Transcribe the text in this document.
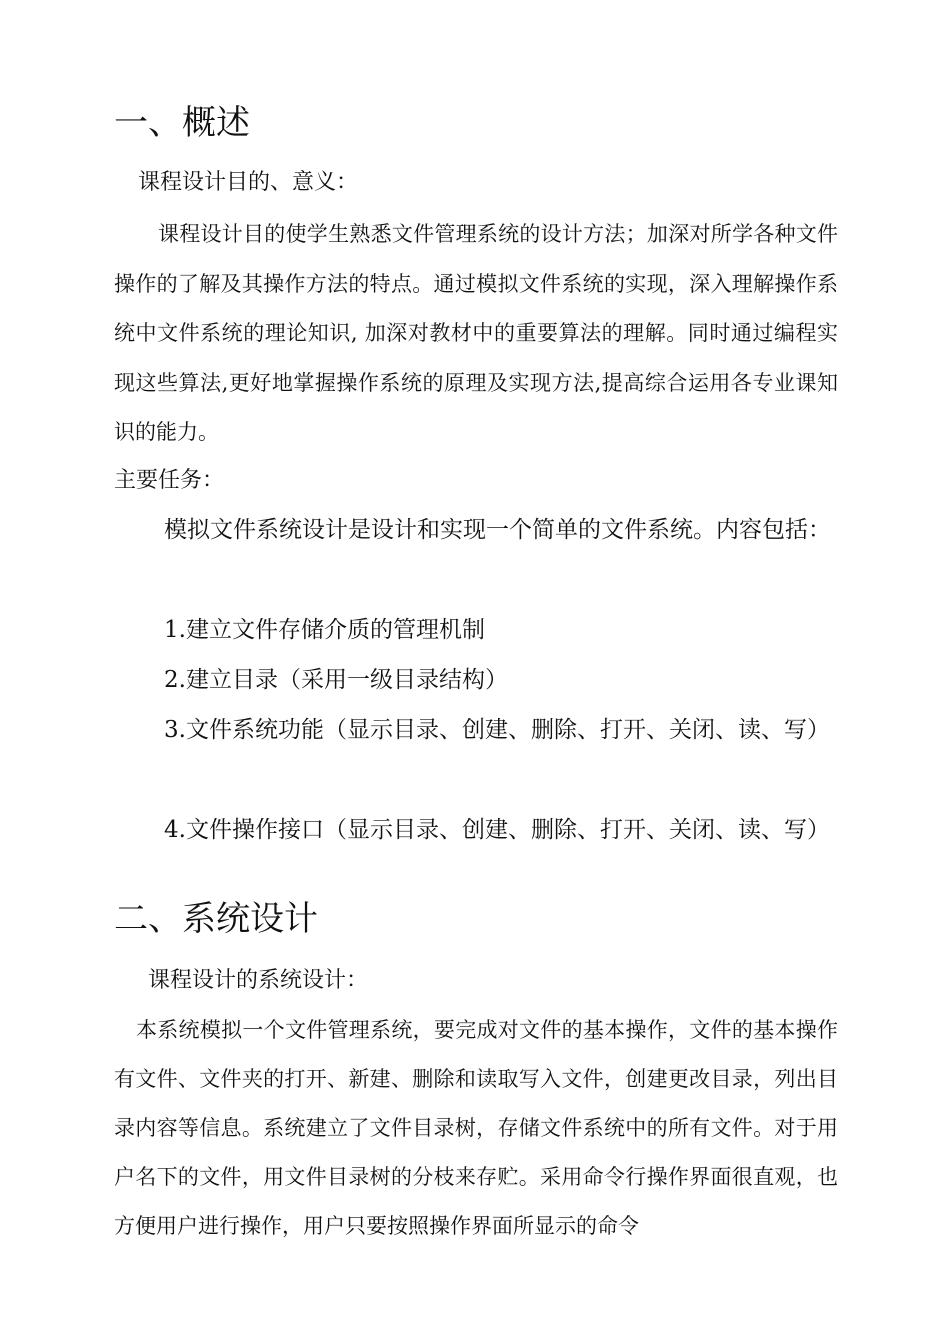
一、概述
课程设计目的、意义：

课程设计目的使学生熟悉文件管理系统的设计方法；加深对所学各种文件操作的了解及其操作方法的特点。通过模拟文件系统的实现，深入理解操作系统中文件系统的理论知识, 加深对教材中的重要算法的理解。同时通过编程实现这些算法,更好地掌握操作系统的原理及实现方法,提高综合运用各专业课知识的能力。

主要任务：

模拟文件系统设计是设计和实现一个简单的文件系统。内容包括：

1.建立文件存储介质的管理机制

2.建立目录（采用一级目录结构）

3.文件系统功能（显示目录、创建、删除、打开、关闭、读、写）

4.文件操作接口（显示目录、创建、删除、打开、关闭、读、写）

二、系统设计
课程设计的系统设计：

本系统模拟一个文件管理系统，要完成对文件的基本操作，文件的基本操作有文件、文件夹的打开、新建、删除和读取写入文件，创建更改目录，列出目录内容等信息。系统建立了文件目录树，存储文件系统中的所有文件。对于用户名下的文件，用文件目录树的分枝来存贮。采用命令行操作界面很直观，也方便用户进行操作，用户只要按照操作界面所显示的命令
